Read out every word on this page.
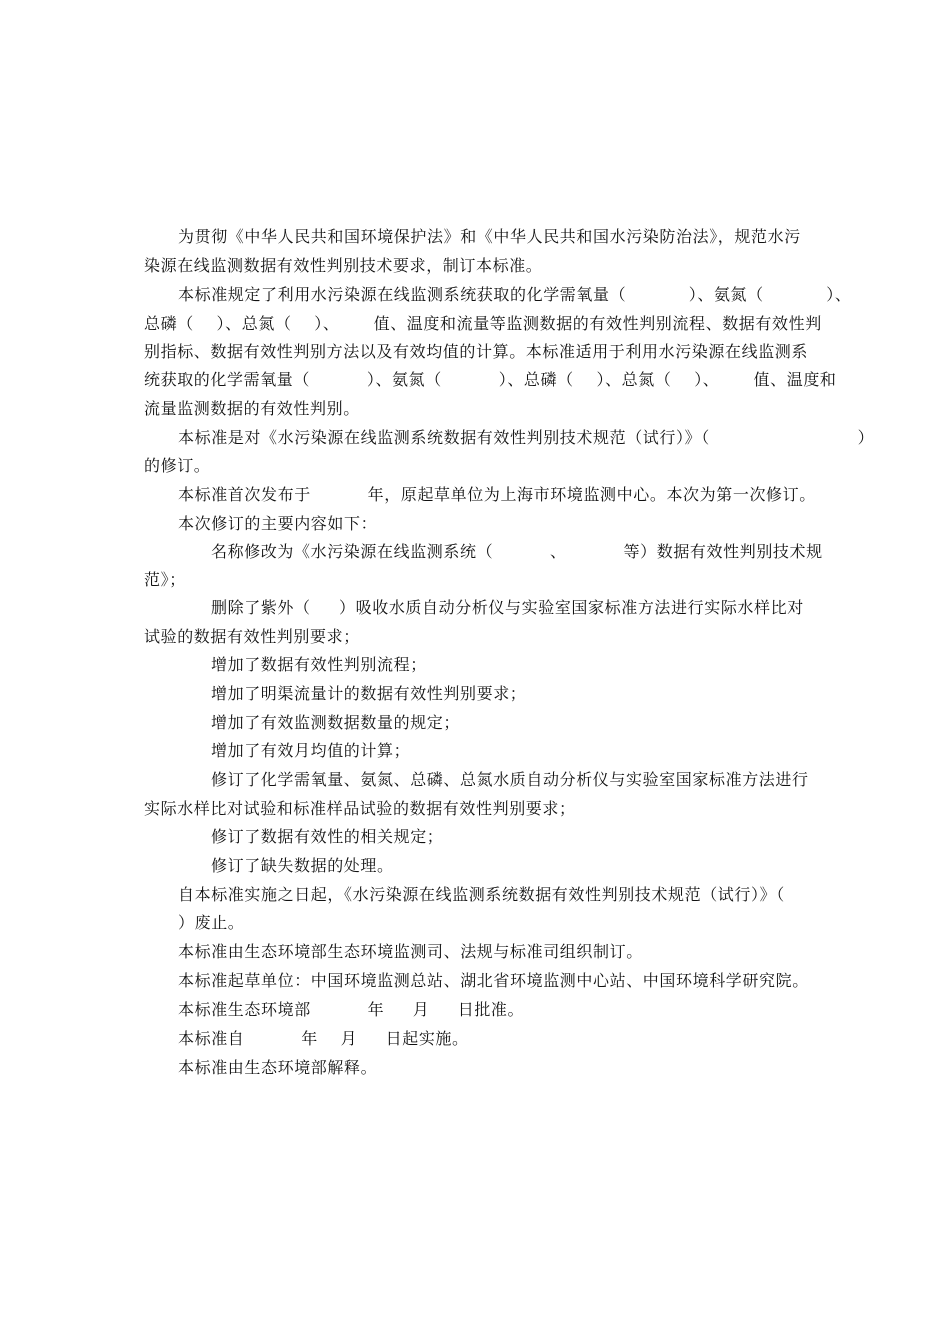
为贯彻《中华人民共和国环境保护法》和《中华人民共和国水污染防治法》，规范水污
染源在线监测数据有效性判别技术要求，制订本标准。
本标准规定了利用水污染源在线监测系统获取的化学需氧量（           ）、氨氮（           ）、
总磷（    ）、总氮（    ）、      值、温度和流量等监测数据的有效性判别流程、数据有效性判
别指标、数据有效性判别方法以及有效均值的计算。本标准适用于利用水污染源在线监测系
统获取的化学需氧量（          ）、氨氮（          ）、总磷（    ）、总氮（    ）、      值、温度和
流量监测数据的有效性判别。
本标准是对《水污染源在线监测系统数据有效性判别技术规范（试行）》（                          ）
的修订。
本标准首次发布于          年，原起草单位为上海市环境监测中心。本次为第一次修订。
本次修订的主要内容如下：
名称修改为《水污染源在线监测系统（          、          等）数据有效性判别技术规
范》；
删除了紫外（     ）吸收水质自动分析仪与实验室国家标准方法进行实际水样比对
试验的数据有效性判别要求；
增加了数据有效性判别流程；
增加了明渠流量计的数据有效性判别要求；
增加了有效监测数据数量的规定；
增加了有效月均值的计算；
修订了化学需氧量、氨氮、总磷、总氮水质自动分析仪与实验室国家标准方法进行
实际水样比对试验和标准样品试验的数据有效性判别要求；
修订了数据有效性的相关规定；
修订了缺失数据的处理。
自本标准实施之日起，《水污染源在线监测系统数据有效性判别技术规范（试行）》（
）废止。
本标准由生态环境部生态环境监测司、法规与标准司组织制订。
本标准起草单位：中国环境监测总站、湖北省环境监测中心站、中国环境科学研究院。
本标准生态环境部          年     月     日批准。
本标准自          年    月     日起实施。
本标准由生态环境部解释。
